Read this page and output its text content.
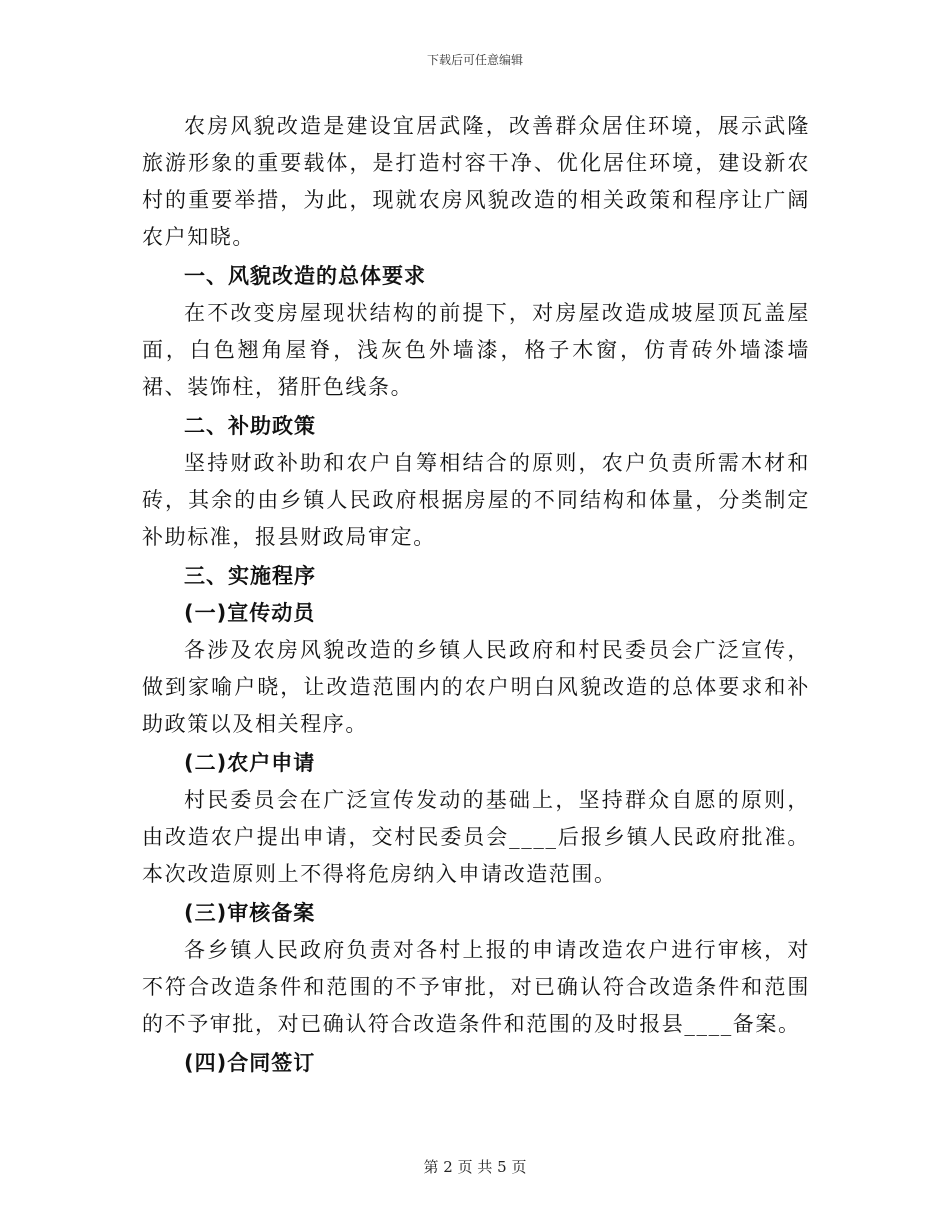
下载后可任意编辑

农房风貌改造是建设宜居武隆，改善群众居住环境，展示武隆旅游形象的重要载体，是打造村容干净、优化居住环境，建设新农村的重要举措，为此，现就农房风貌改造的相关政策和程序让广阔农户知晓。

一、风貌改造的总体要求

在不改变房屋现状结构的前提下，对房屋改造成坡屋顶瓦盖屋面，白色翘角屋脊，浅灰色外墙漆，格子木窗，仿青砖外墙漆墙裙、装饰柱，猪肝色线条。

二、补助政策

坚持财政补助和农户自筹相结合的原则，农户负责所需木材和砖，其余的由乡镇人民政府根据房屋的不同结构和体量，分类制定补助标准，报县财政局审定。

三、实施程序

(一)宣传动员

各涉及农房风貌改造的乡镇人民政府和村民委员会广泛宣传，做到家喻户晓，让改造范围内的农户明白风貌改造的总体要求和补助政策以及相关程序。

(二)农户申请

村民委员会在广泛宣传发动的基础上，坚持群众自愿的原则，由改造农户提出申请，交村民委员会____后报乡镇人民政府批准。本次改造原则上不得将危房纳入申请改造范围。

(三)审核备案

各乡镇人民政府负责对各村上报的申请改造农户进行审核，对不符合改造条件和范围的不予审批，对已确认符合改造条件和范围的不予审批，对已确认符合改造条件和范围的及时报县____备案。

(四)合同签订

第 2 页 共 5 页
